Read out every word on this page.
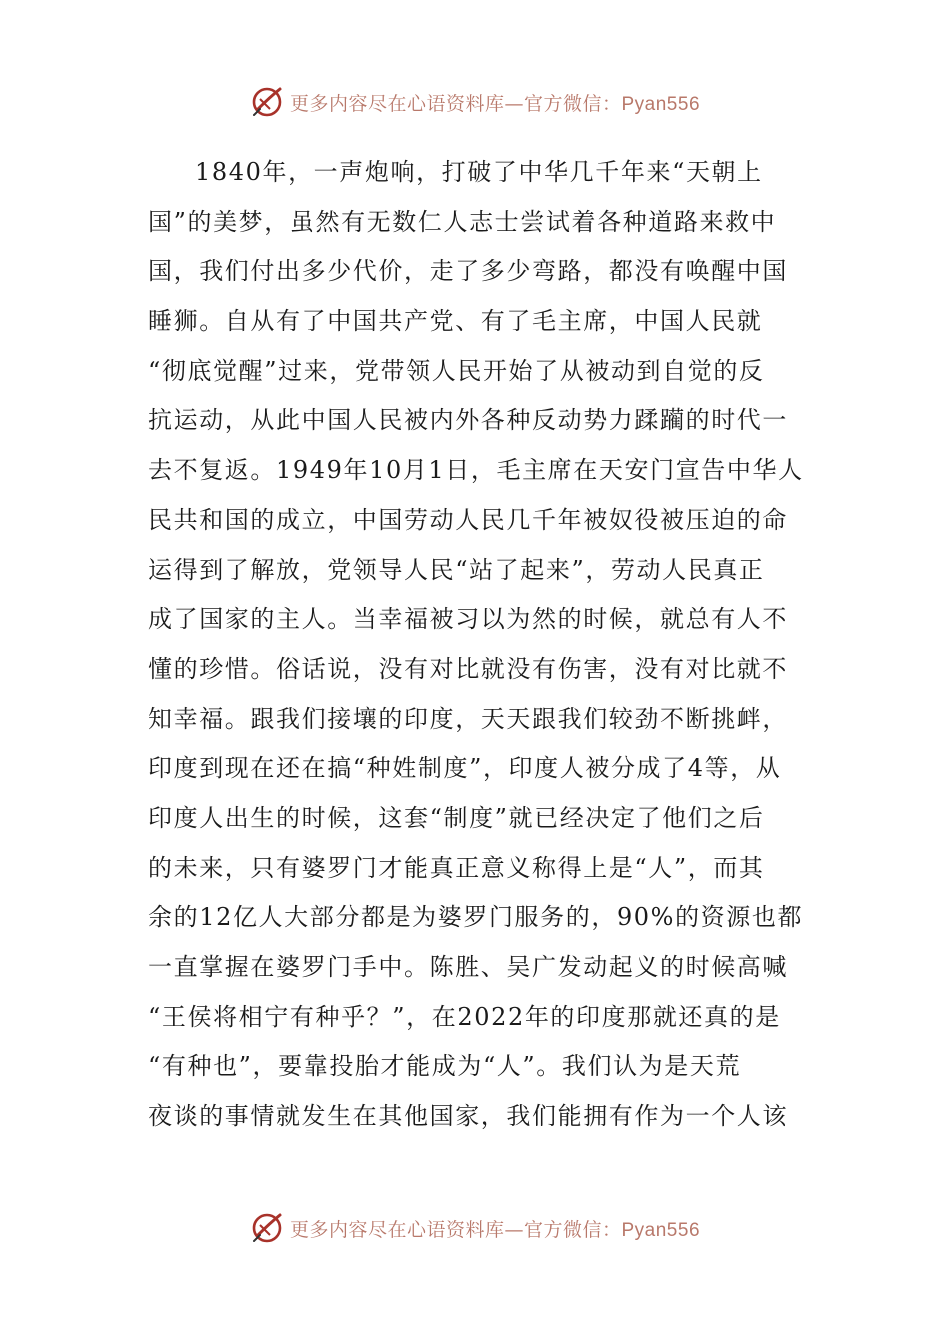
更多内容尽在心语资料库—官方微信：Pyan556
1840年，一声炮响，打破了中华几千年来“天朝上
国”的美梦，虽然有无数仁人志士尝试着各种道路来救中
国，我们付出多少代价，走了多少弯路，都没有唤醒中国
睡狮。自从有了中国共产党、有了毛主席，中国人民就
“彻底觉醒”过来，党带领人民开始了从被动到自觉的反
抗运动，从此中国人民被内外各种反动势力蹂躏的时代一
去不复返。1949年10月1日，毛主席在天安门宣告中华人
民共和国的成立，中国劳动人民几千年被奴役被压迫的命
运得到了解放，党领导人民“站了起来”，劳动人民真正
成了国家的主人。当幸福被习以为然的时候，就总有人不
懂的珍惜。俗话说，没有对比就没有伤害，没有对比就不
知幸福。跟我们接壤的印度，天天跟我们较劲不断挑衅，
印度到现在还在搞“种姓制度”，印度人被分成了4等，从
印度人出生的时候，这套“制度”就已经决定了他们之后
的未来，只有婆罗门才能真正意义称得上是“人”，而其
余的12亿人大部分都是为婆罗门服务的，90%的资源也都
一直掌握在婆罗门手中。陈胜、吴广发动起义的时候高喊
“王侯将相宁有种乎？”，在2022年的印度那就还真的是
“有种也”，要靠投胎才能成为“人”。我们认为是天荒
夜谈的事情就发生在其他国家，我们能拥有作为一个人该
更多内容尽在心语资料库—官方微信：Pyan556
